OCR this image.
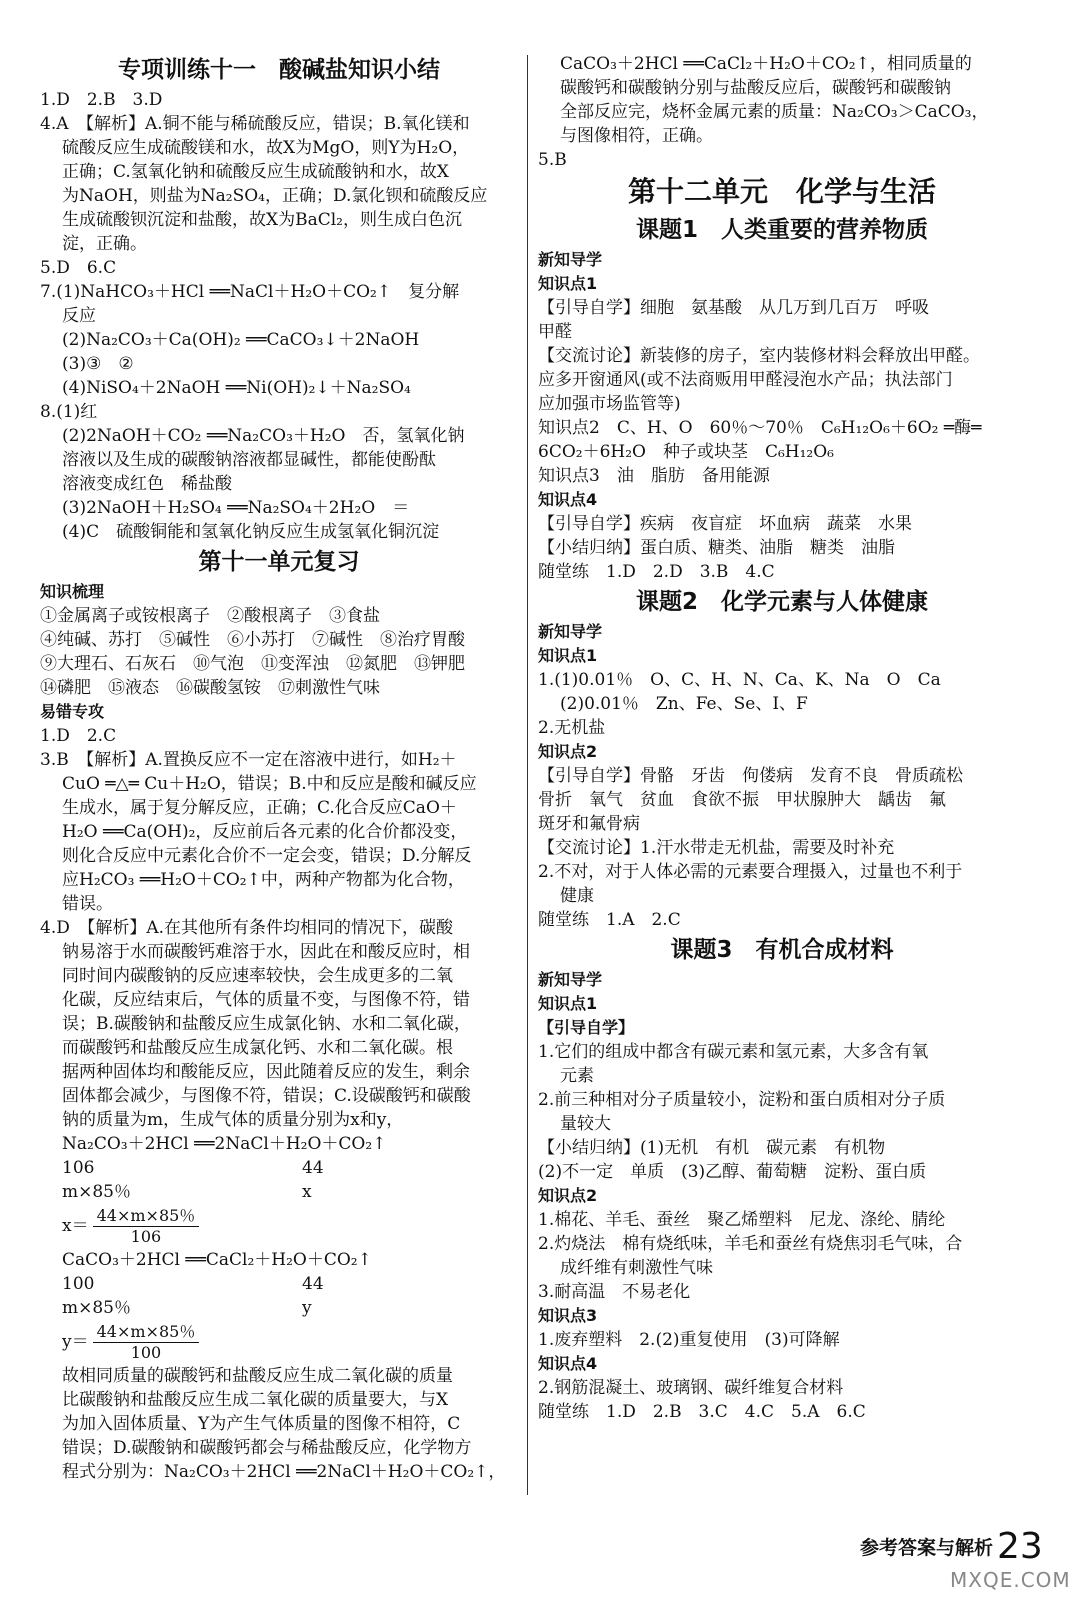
专项训练十一　酸碱盐知识小结
1.D　2.B　3.D
4.A　【解析】A.铜不能与稀硫酸反应，错误；B.氧化镁和
硫酸反应生成硫酸镁和水，故X为MgO，则Y为H₂O，
正确；C.氢氧化钠和硫酸反应生成硫酸钠和水，故X
为NaOH，则盐为Na₂SO₄，正确；D.氯化钡和硫酸反应
生成硫酸钡沉淀和盐酸，故X为BaCl₂，则生成白色沉
淀，正确。
5.D　6.C
7.(1)NaHCO₃＋HCl ══NaCl＋H₂O＋CO₂↑　复分解
反应
(2)Na₂CO₃＋Ca(OH)₂ ══CaCO₃↓＋2NaOH
(3)③　②
(4)NiSO₄＋2NaOH ══Ni(OH)₂↓＋Na₂SO₄
8.(1)红
(2)2NaOH＋CO₂ ══Na₂CO₃＋H₂O　否，氢氧化钠
溶液以及生成的碳酸钠溶液都显碱性，都能使酚酞
溶液变成红色　稀盐酸
(3)2NaOH＋H₂SO₄ ══Na₂SO₄＋2H₂O　＝
(4)C　硫酸铜能和氢氧化钠反应生成氢氧化铜沉淀
第十一单元复习
知识梳理
①金属离子或铵根离子　②酸根离子　③食盐
④纯碱、苏打　⑤碱性　⑥小苏打　⑦碱性　⑧治疗胃酸
⑨大理石、石灰石　⑩气泡　⑪变浑浊　⑫氮肥　⑬钾肥
⑭磷肥　⑮液态　⑯碳酸氢铵　⑰刺激性气味
易错专攻
1.D　2.C
3.B　【解析】A.置换反应不一定在溶液中进行，如H₂＋
CuO ═△═ Cu＋H₂O，错误；B.中和反应是酸和碱反应
生成水，属于复分解反应，正确；C.化合反应CaO＋
H₂O ══Ca(OH)₂，反应前后各元素的化合价都没变，
则化合反应中元素化合价不一定会变，错误；D.分解反
应H₂CO₃ ══H₂O＋CO₂↑中，两种产物都为化合物，
错误。
4.D　【解析】A.在其他所有条件均相同的情况下，碳酸
钠易溶于水而碳酸钙难溶于水，因此在和酸反应时，相
同时间内碳酸钠的反应速率较快，会生成更多的二氧
化碳，反应结束后，气体的质量不变，与图像不符，错
误；B.碳酸钠和盐酸反应生成氯化钠、水和二氧化碳，
而碳酸钙和盐酸反应生成氯化钙、水和二氧化碳。根
据两种固体均和酸能反应，因此随着反应的发生，剩余
固体都会减少，与图像不符，错误；C.设碳酸钙和碳酸
钠的质量为m，生成气体的质量分别为x和y，
Na₂CO₃＋2HCl ══2NaCl＋H₂O＋CO₂↑
106	44
m×85％	x
$x= \frac{44\times m\times 85\%}{106}$
CaCO₃＋2HCl ══CaCl₂＋H₂O＋CO₂↑
100	44
m×85％	y
$y= \frac{44\times m\times 85\%}{100}$
故相同质量的碳酸钙和盐酸反应生成二氧化碳的质量
比碳酸钠和盐酸反应生成二氧化碳的质量要大，与X
为加入固体质量、Y为产生气体质量的图像不相符，C
错误；D.碳酸钠和碳酸钙都会与稀盐酸反应，化学物方
程式分别为：Na₂CO₃＋2HCl ══2NaCl＋H₂O＋CO₂↑，
CaCO₃＋2HCl ══CaCl₂＋H₂O＋CO₂↑，相同质量的
碳酸钙和碳酸钠分别与盐酸反应后，碳酸钙和碳酸钠
全部反应完，烧杯金属元素的质量：Na₂CO₃＞CaCO₃，
与图像相符，正确。
5.B
第十二单元　化学与生活
课题1　人类重要的营养物质
新知导学
知识点1
【引导自学】细胞　氨基酸　从几万到几百万　呼吸
甲醛
【交流讨论】新装修的房子，室内装修材料会释放出甲醛。
应多开窗通风(或不法商贩用甲醛浸泡水产品；执法部门
应加强市场监管等)
知识点2　C、H、O　60％～70％　C₆H₁₂O₆＋6O₂ ═酶═
6CO₂＋6H₂O　种子或块茎　C₆H₁₂O₆
知识点3　油　脂肪　备用能源
知识点4
【引导自学】疾病　夜盲症　坏血病　蔬菜　水果
【小结归纳】蛋白质、糖类、油脂　糖类　油脂
随堂练　1.D　2.D　3.B　4.C
课题2　化学元素与人体健康
新知导学
知识点1
1.(1)0.01％　O、C、H、N、Ca、K、Na　O　Ca
(2)0.01％　Zn、Fe、Se、I、F
2.无机盐
知识点2
【引导自学】骨骼　牙齿　佝偻病　发育不良　骨质疏松
骨折　氧气　贫血　食欲不振　甲状腺肿大　龋齿　氟
斑牙和氟骨病
【交流讨论】1.汗水带走无机盐，需要及时补充
2.不对，对于人体必需的元素要合理摄入，过量也不利于
健康
随堂练　1.A　2.C
课题3　有机合成材料
新知导学
知识点1
【引导自学】
1.它们的组成中都含有碳元素和氢元素，大多含有氧
元素
2.前三种相对分子质量较小，淀粉和蛋白质相对分子质
量较大
【小结归纳】(1)无机　有机　碳元素　有机物
(2)不一定　单质　(3)乙醇、葡萄糖　淀粉、蛋白质
知识点2
1.棉花、羊毛、蚕丝　聚乙烯塑料　尼龙、涤纶、腈纶
2.灼烧法　棉有烧纸味，羊毛和蚕丝有烧焦羽毛气味，合
成纤维有刺激性气味
3.耐高温　不易老化
知识点3
1.废弃塑料　2.(2)重复使用　(3)可降解
知识点4
2.钢筋混凝土、玻璃钢、碳纤维复合材料
随堂练　1.D　2.B　3.C　4.C　5.A　6.C
参考答案与解析 23
MXQE.COM
